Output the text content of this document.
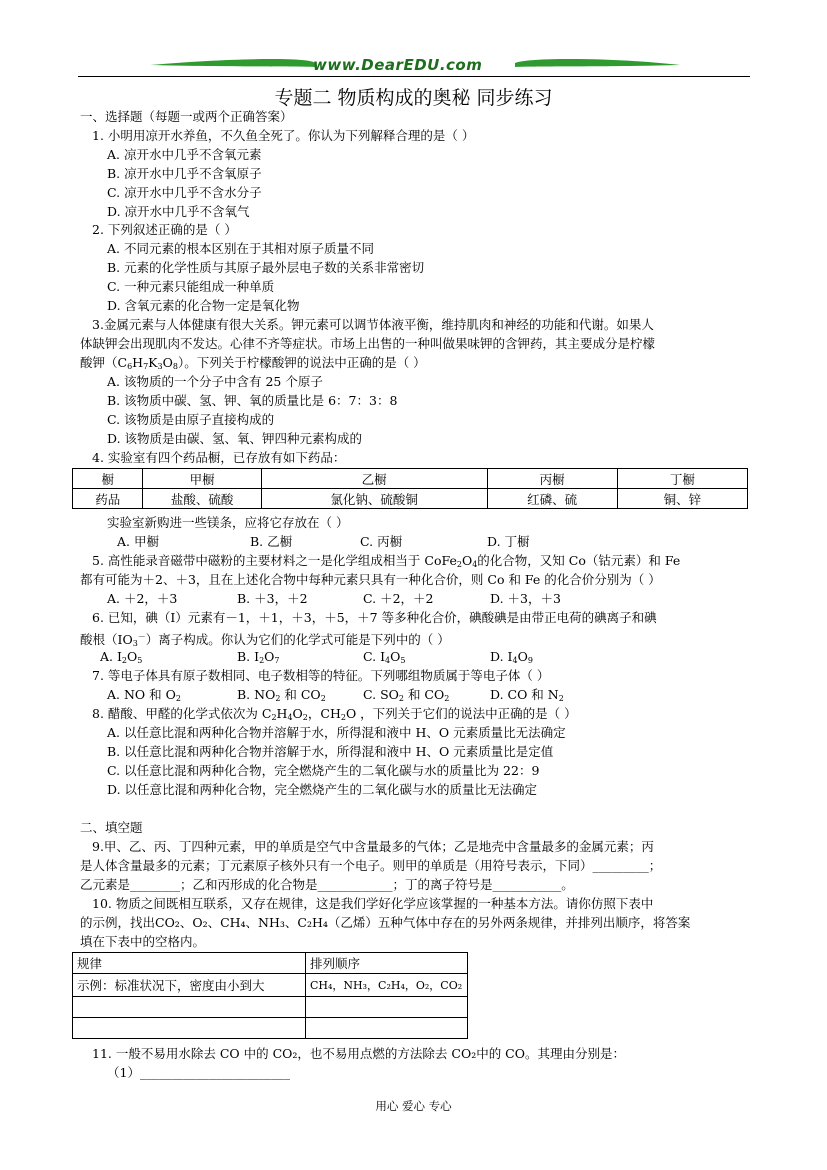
www.DearEDU.com
专题二 物质构成的奥秘 同步练习
一、选择题（每题一或两个正确答案）
1. 小明用凉开水养鱼，不久鱼全死了。你认为下列解释合理的是（ ）
A. 凉开水中几乎不含氧元素
B. 凉开水中几乎不含氧原子
C. 凉开水中几乎不含水分子
D. 凉开水中几乎不含氧气
2. 下列叙述正确的是（ ）
A. 不同元素的根本区别在于其相对原子质量不同
B. 元素的化学性质与其原子最外层电子数的关系非常密切
C. 一种元素只能组成一种单质
D. 含氧元素的化合物一定是氧化物
3.金属元素与人体健康有很大关系。钾元素可以调节体液平衡，维持肌肉和神经的功能和代谢。如果人
体缺钾会出现肌肉不发达。心律不齐等症状。市场上出售的一种叫做果味钾的含钾药，其主要成分是柠檬
酸钾$(C_6H_7K_3O_8)$。下列关于柠檬酸钾的说法中正确的是（ ）
A. 该物质的一个分子中含有 25 个原子
B. 该物质中碳、氢、钾、氧的质量比是 6：7：3：8
C. 该物质是由原子直接构成的
D. 该物质是由碳、氢、氧、钾四种元素构成的
4. 实验室有四个药品橱，已存放有如下药品：
橱	甲橱	乙橱	丙橱	丁橱
药品	盐酸、硫酸	氯化钠、硫酸铜	红磷、硫	铜、锌
实验室新购进一些镁条，应将它存放在（ ）
A. 甲橱	B. 乙橱	C. 丙橱	D. 丁橱
5. 高性能录音磁带中磁粉的主要材料之一是化学组成相当于 $CoFe_2O_4$的化合物，又知 Co（钴元素）和 Fe
都有可能为＋2、＋3，且在上述化合物中每种元素只具有一种化合价，则 Co 和 Fe 的化合价分别为（ ）
A. ＋2，＋3	B. ＋3，＋2	C. ＋2，＋2	D. ＋3，＋3
6. 已知，碘（I）元素有－1，＋1，＋3，＋5，＋7 等多种化合价，碘酸碘是由带正电荷的碘离子和碘
酸根$(IO_3^-)$离子构成。你认为它们的化学式可能是下列中的（ ）
A. $I_2O_5$	B. $I_2O_7$	C. $I_4O_5$	D. $I_4O_9$
7. 等电子体具有原子数相同、电子数相等的特征。下列哪组物质属于等电子体（ ）
A. NO 和 $O_2$	B. $NO_2$ 和 $CO_2$	C. $SO_2$ 和 $CO_2$	D. CO 和 $N_2$
8. 醋酸、甲醛的化学式依次为 $C_2H_4O_2$，$CH_2O$ ，下列关于它们的说法中正确的是（ ）
A. 以任意比混和两种化合物并溶解于水，所得混和液中 H、O 元素质量比无法确定
B. 以任意比混和两种化合物并溶解于水，所得混和液中 H、O 元素质量比是定值
C. 以任意比混和两种化合物，完全燃烧产生的二氧化碳与水的质量比为 22：9
D. 以任意比混和两种化合物，完全燃烧产生的二氧化碳与水的质量比无法确定
二、填空题
9.甲、乙、丙、丁四种元素，甲的单质是空气中含量最多的气体；乙是地壳中含量最多的金属元素；丙
是人体含量最多的元素；丁元素原子核外只有一个电子。则甲的单质是（用符号表示，下同）_________；
乙元素是________；乙和丙形成的化合物是____________；丁的离子符号是___________。
10. 物质之间既相互联系，又存在规律，这是我们学好化学应该掌握的一种基本方法。请你仿照下表中
的示例，找出CO₂、O₂、CH₄、NH₃、C₂H₄（乙烯）五种气体中存在的另外两条规律，并排列出顺序，将答案
填在下表中的空格内。
规律	排列顺序
示例：标准状况下，密度由小到大	CH₄，NH₃，C₂H₄，O₂，CO₂

11. 一般不易用水除去 CO 中的 CO₂，也不易用点燃的方法除去 CO₂中的 CO。其理由分别是：
（1）________________________
用心 爱心 专心
